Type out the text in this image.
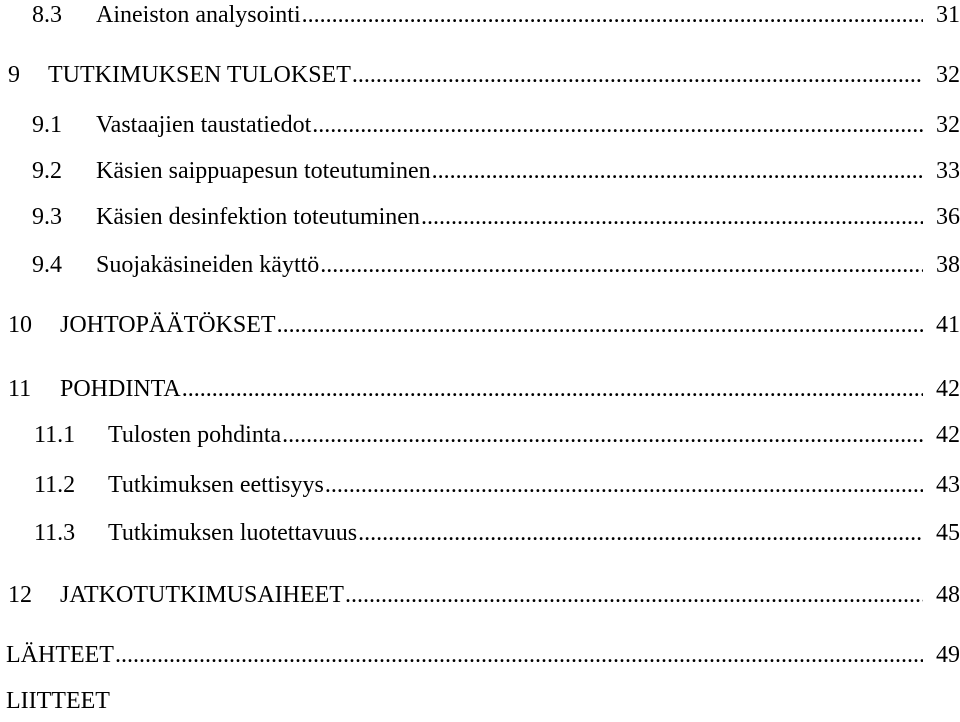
8.3	Aineiston analysointi .....	31
9	TUTKIMUKSEN TULOKSET .....	32
9.1	Vastaajien taustatiedot .....	32
9.2	Käsien saippuapesun toteutuminen .....	33
9.3	Käsien desinfektion toteutuminen .....	36
9.4	Suojakäsineiden käyttö .....	38
10	JOHTOPÄÄTÖKSET .....	41
11	POHDINTA .....	42
11.1	Tulosten pohdinta .....	42
11.2	Tutkimuksen eettisyys .....	43
11.3	Tutkimuksen luotettavuus .....	45
12	JATKOTUTKIMUSAIHEET .....	48
LÄHTEET .....	49
LIITTEET
